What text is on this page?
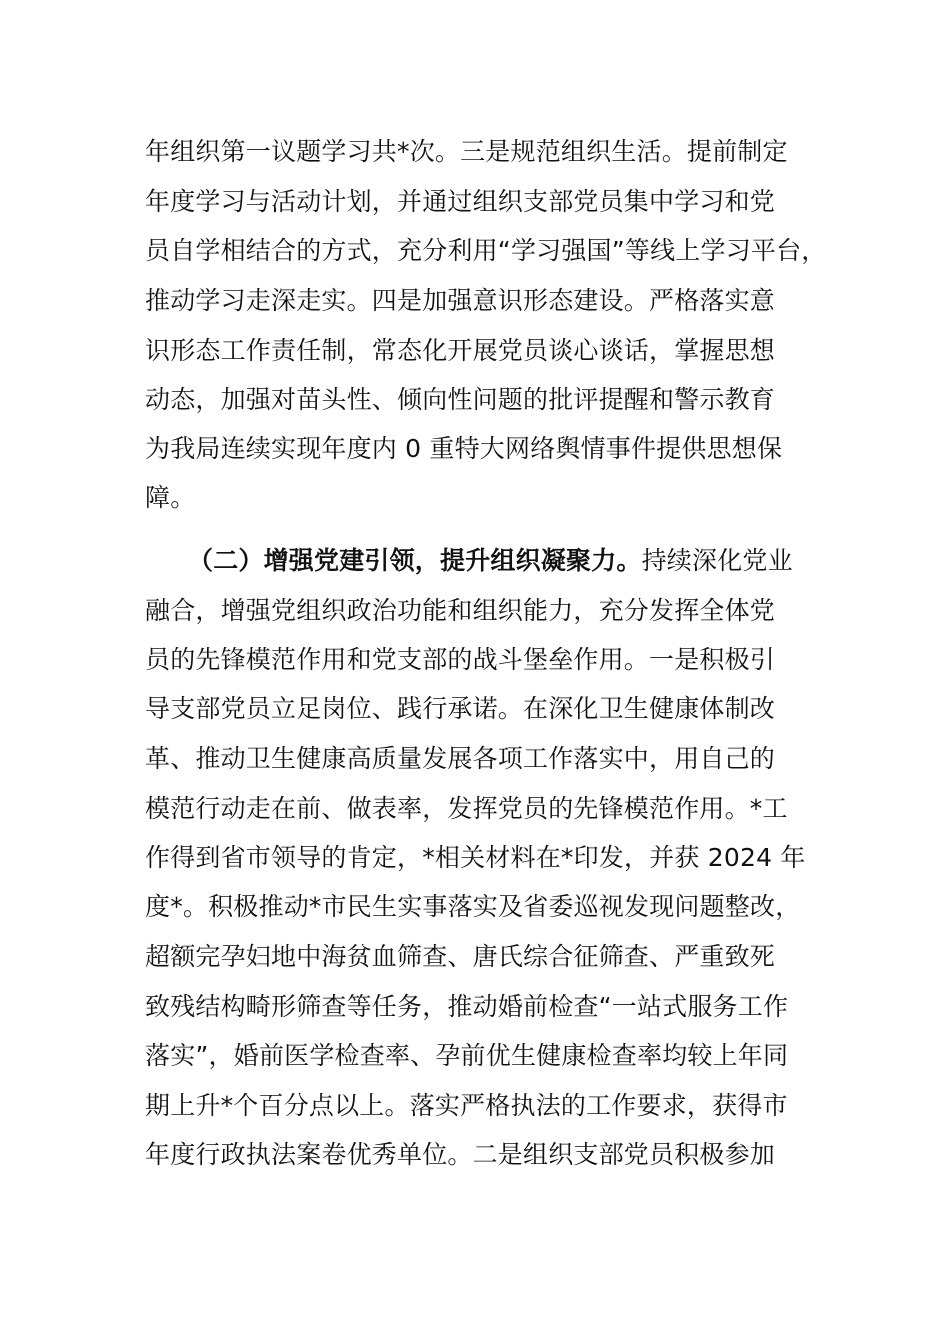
年组织第一议题学习共*次。三是规范组织生活。提前制定
年度学习与活动计划，并通过组织支部党员集中学习和党
员自学相结合的方式，充分利用“学习强国”等线上学习平台，
推动学习走深走实。四是加强意识形态建设。严格落实意
识形态工作责任制，常态化开展党员谈心谈话，掌握思想
动态，加强对苗头性、倾向性问题的批评提醒和警示教育
为我局连续实现年度内 0 重特大网络舆情事件提供思想保
障。
（二）增强党建引领，提升组织凝聚力。持续深化党业
融合，增强党组织政治功能和组织能力，充分发挥全体党
员的先锋模范作用和党支部的战斗堡垒作用。一是积极引
导支部党员立足岗位、践行承诺。在深化卫生健康体制改
革、推动卫生健康高质量发展各项工作落实中，用自己的
模范行动走在前、做表率，发挥党员的先锋模范作用。*工
作得到省市领导的肯定，*相关材料在*印发，并获 2024 年
度*。积极推动*市民生实事落实及省委巡视发现问题整改，
超额完孕妇地中海贫血筛查、唐氏综合征筛查、严重致死
致残结构畸形筛查等任务，推动婚前检查“一站式服务工作
落实”，婚前医学检查率、孕前优生健康检查率均较上年同
期上升*个百分点以上。落实严格执法的工作要求，获得市
年度行政执法案卷优秀单位。二是组织支部党员积极参加
